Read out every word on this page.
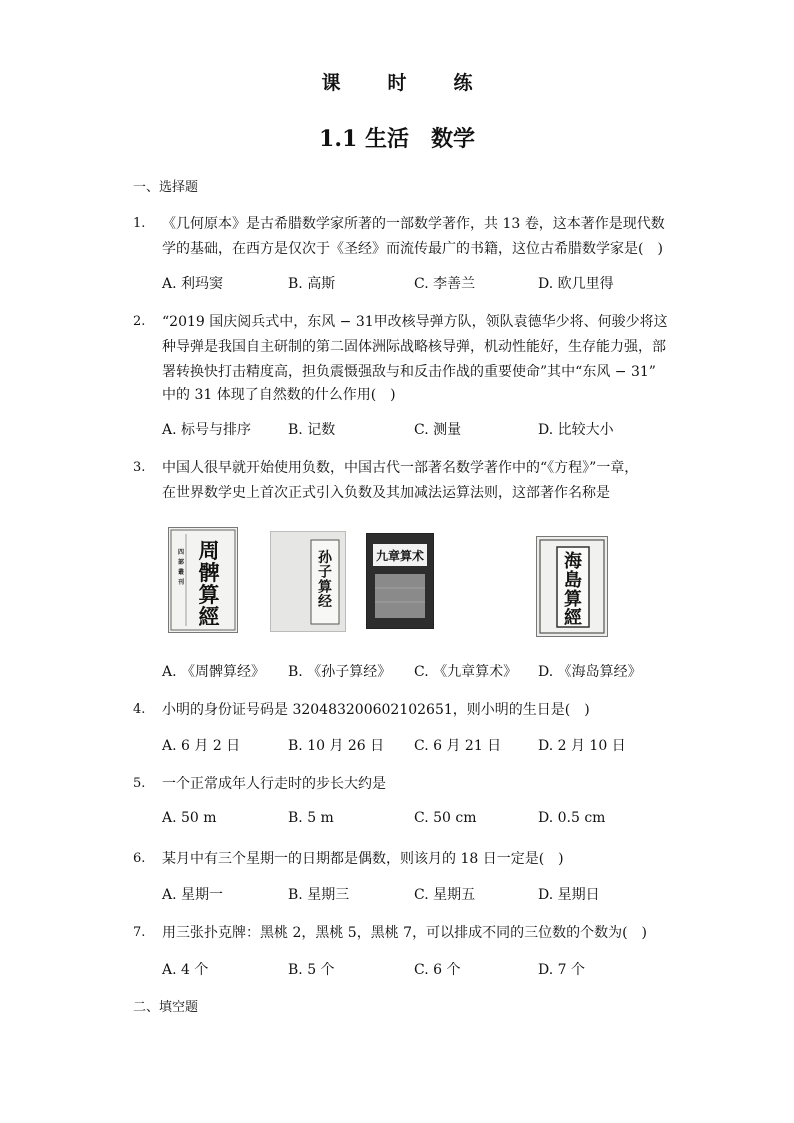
课　时　练
1.1 生活　数学
一、选择题
1. 《几何原本》是古希腊数学家所著的一部数学著作，共 13 卷，这本著作是现代数
学的基础，在西方是仅次于《圣经》而流传最广的书籍，这位古希腊数学家是(　)
A. 利玛窦	B. 高斯	C. 李善兰	D. 欧几里得
2. “2019 国庆阅兵式中，东风 − 31甲改核导弹方队，领队袁德华少将、何骏少将这
种导弹是我国自主研制的第二固体洲际战略核导弹，机动性能好，生存能力强，部
署转换快打击精度高，担负震慑强敌与和反击作战的重要使命”其中“东风 − 31”
中的 31 体现了自然数的什么作用(　)
A. 标号与排序	B. 记数	C. 测量	D. 比较大小
3. 中国人很早就开始使用负数，中国古代一部著名数学著作中的“《方程》”一章，
在世界数学史上首次正式引入负数及其加减法运算法则，这部著作名称是
四
部
叢
刊
周髀算經
孙子算经
九章算术	海島算經
A. 《周髀算经》 B. 《孙子算经》 C. 《九章算术》 D. 《海岛算经》
4. 小明的身份证号码是 320483200602102651，则小明的生日是(　)
A. 6 月 2 日	B. 10 月 26 日 C. 6 月 21 日	D. 2 月 10 日
5. 一个正常成年人行走时的步长大约是
A. 50 m	B. 5 m	C. 50 cm	D. 0.5 cm
6. 某月中有三个星期一的日期都是偶数，则该月的 18 日一定是(　)
A. 星期一	B. 星期三	C. 星期五	D. 星期日
7. 用三张扑克牌：黑桃 2，黑桃 5，黑桃 7，可以排成不同的三位数的个数为(　)
A. 4 个	B. 5 个	C. 6 个	D. 7 个
二、填空题
